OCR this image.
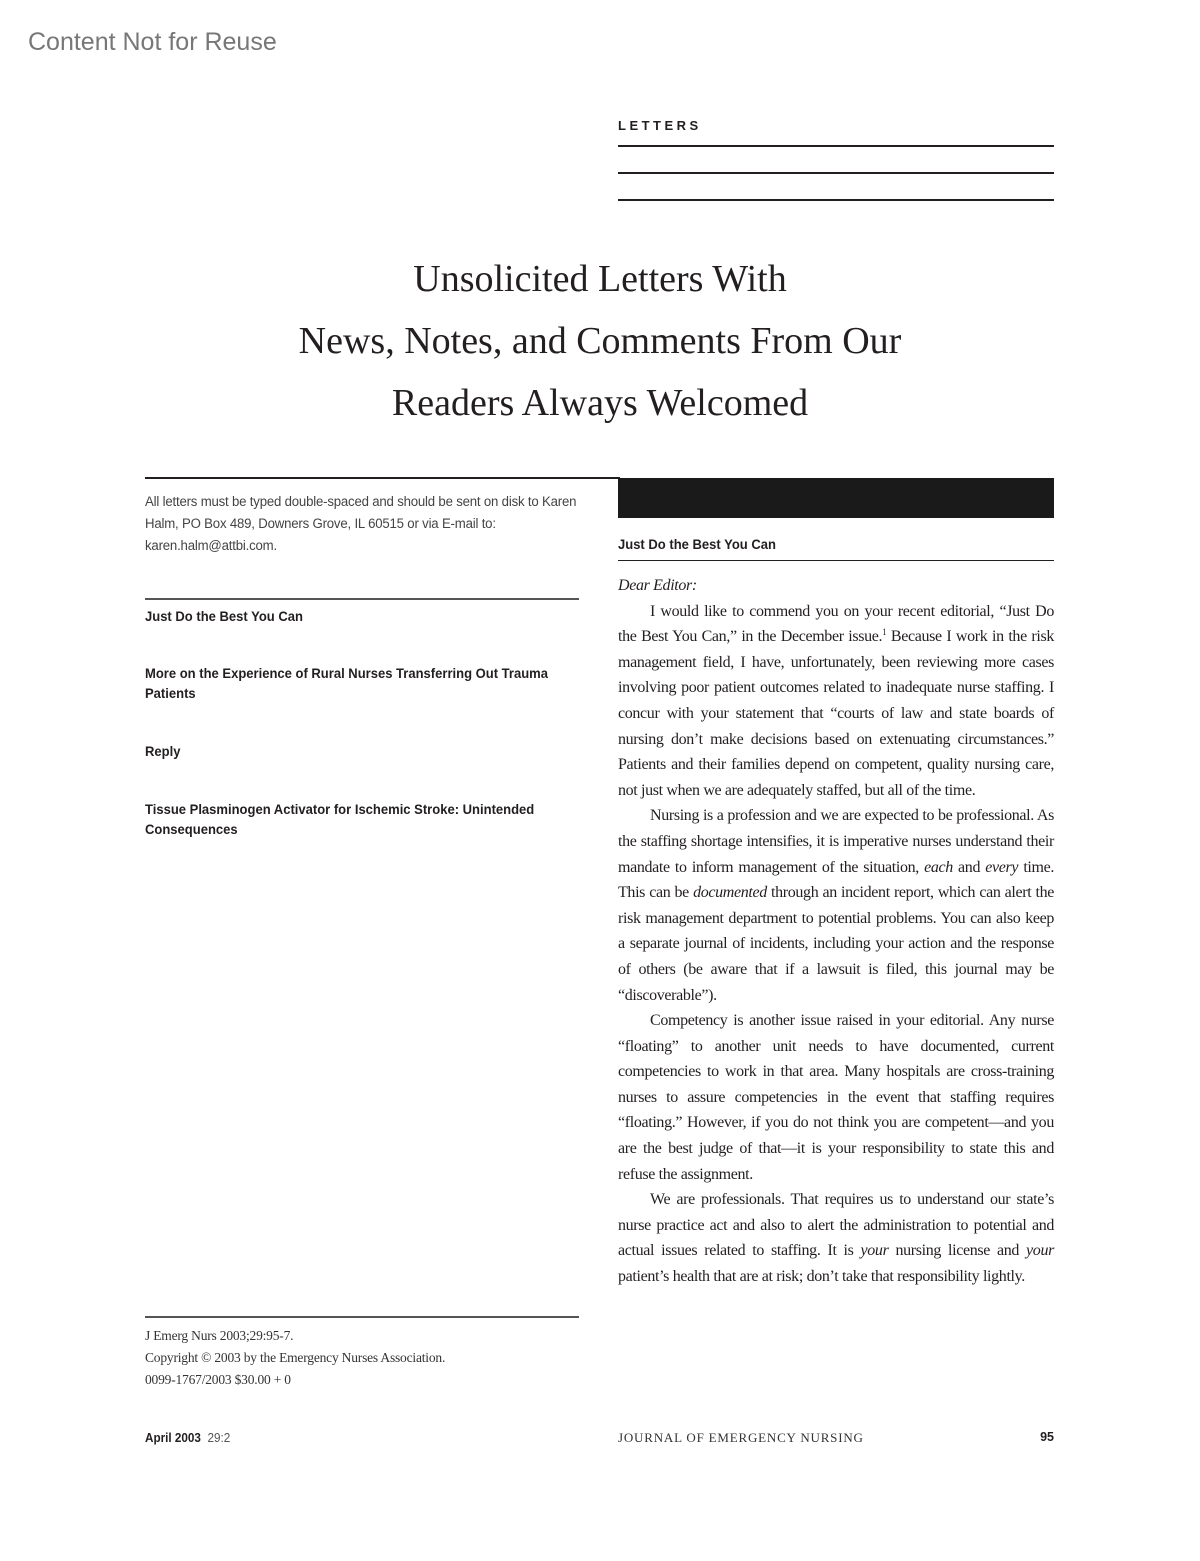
Content Not for Reuse
LETTERS
Unsolicited Letters With
News, Notes, and Comments From Our
Readers Always Welcomed
All letters must be typed double-spaced and should be sent on disk to Karen Halm, PO Box 489, Downers Grove, IL 60515 or via E-mail to: karen.halm@attbi.com.
Just Do the Best You Can
More on the Experience of Rural Nurses Transferring Out Trauma Patients
Reply
Tissue Plasminogen Activator for Ischemic Stroke: Unintended Consequences
Just Do the Best You Can

Dear Editor:

I would like to commend you on your recent editorial, “Just Do the Best You Can,” in the December issue.$^1$ Because I work in the risk management field, I have, unfortunately, been reviewing more cases involving poor patient outcomes related to inadequate nurse staffing. I concur with your statement that “courts of law and state boards of nursing don’t make decisions based on extenuating circumstances.” Patients and their families depend on competent, quality nursing care, not just when we are adequately staffed, but all of the time.

Nursing is a profession and we are expected to be professional. As the staffing shortage intensifies, it is imperative nurses understand their mandate to inform management of the situation, each and every time. This can be documented through an incident report, which can alert the risk management department to potential problems. You can also keep a separate journal of incidents, including your action and the response of others (be aware that if a lawsuit is filed, this journal may be “discoverable”).

Competency is another issue raised in your editorial. Any nurse “floating” to another unit needs to have documented, current competencies to work in that area. Many hospitals are cross-training nurses to assure competencies in the event that staffing requires “floating.” However, if you do not think you are competent—and you are the best judge of that—it is your responsibility to state this and refuse the assignment.

We are professionals. That requires us to understand our state’s nurse practice act and also to alert the administration to potential and actual issues related to staffing. It is your nursing license and your patient’s health that are at risk; don’t take that responsibility lightly.

J Emerg Nurs 2003;29:95-7.
Copyright © 2003 by the Emergency Nurses Association.
0099-1767/2003 $30.00 + 0
April 2003 29:2	JOURNAL OF EMERGENCY NURSING	95
